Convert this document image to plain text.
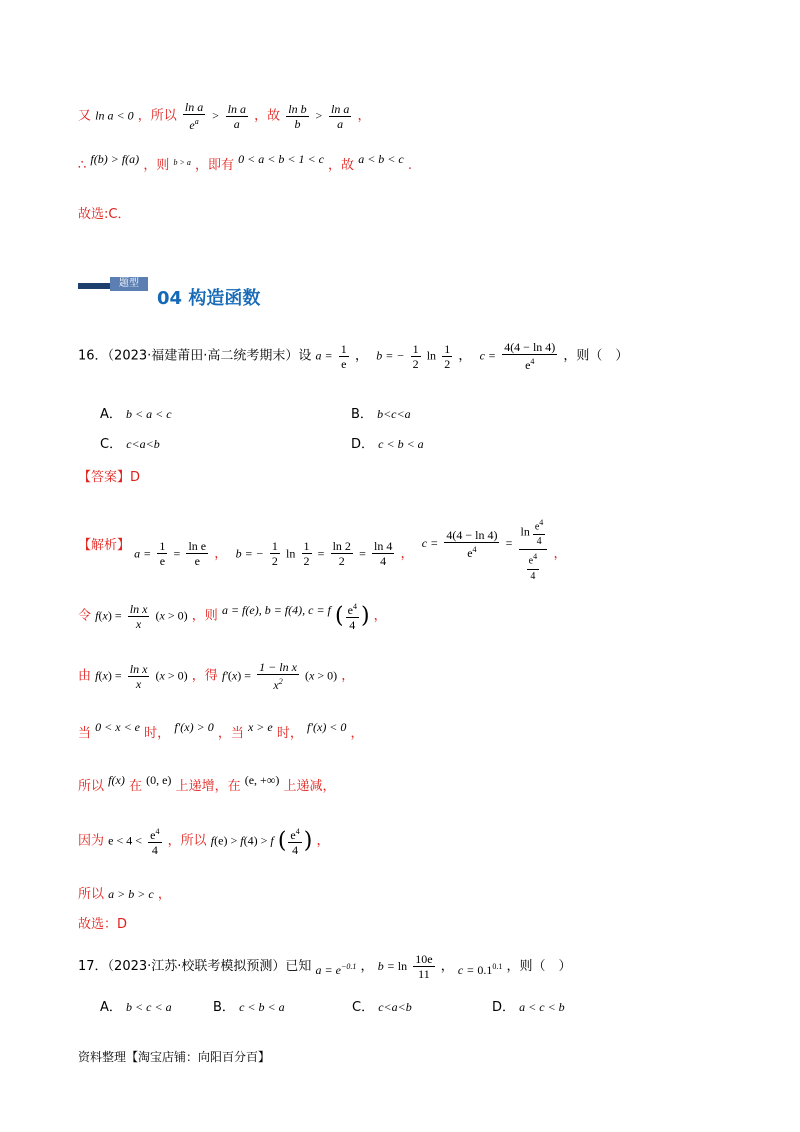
又 ln a < 0 ，所以 $\frac{\text{ln a}}{e^a} > \frac{\text{ln a}}{a}$ ，故 $\frac{\text{ln b}}{b} > \frac{\text{ln a}}{a}$ ，
∴ f(b) > f(a) ，则 $^{b > a}$ ，即有 0 < a < b < 1 < c ，故 a < b < c .
故选:C．
题型
04 构造函数
16．（2023·福建莆田·高二统考期末）设 $a = \frac{1}{e}$ ， b = − $\frac{1}{2}$ $\ln \frac{1}{2}$ ， $c = \frac{4(4 - \ln 4)}{e^4}$ ，则（　）
A． b < a < c	B． b<c<a
C． c<a<b	D． c < b < a
【答案】D
【解析】 $a = \frac{1}{e} = \frac{\text{ln e}}{e}$ ， b = − $\frac{1}{2}$ $\ln \frac{1}{2} = \frac{\ln 2}{2} = \frac{\ln 4}{4}$ ，  $c = \frac{4(4 - \ln 4)}{e^4} = \frac{\ln \frac{e^4}{4}}{\frac{e^4}{4}}$ ，
令 $f(x) = \frac{\text{ln x}}{x} (x > 0)$ ，则 a = f(e), b = f(4), c = f ( $\frac{e^4}{4}$ ) ，
由 $f(x) = \frac{\text{ln x}}{x} (x > 0)$ ，得 $f'(x) = \frac{\text{1 − ln x}}{x^2} (x > 0)$ ，
当 0 < x < e 时， f′(x) > 0 ，当 x > e 时， f′(x) < 0 ，
所以 f(x) 在 (0, e) 上递增，在 (e, +∞) 上递减，
因为 $e < 4 < \frac{e^4}{4}$ ，所以 f(e) > f(4) > f ( $\frac{e^4}{4}$ ) ，
所以 a > b > c ，
故选：D
17．（2023·江苏·校联考模拟预测）已知 $a = e^{-0.1}$ ， $b = \ln \frac{10e}{11}$ ， $c = 0.1^{0.1}$ ，则（　）
A． b < c < a	B． c < b < a	C． c<a<b	D． a < c < b
资料整理【淘宝店铺：向阳百分百】
